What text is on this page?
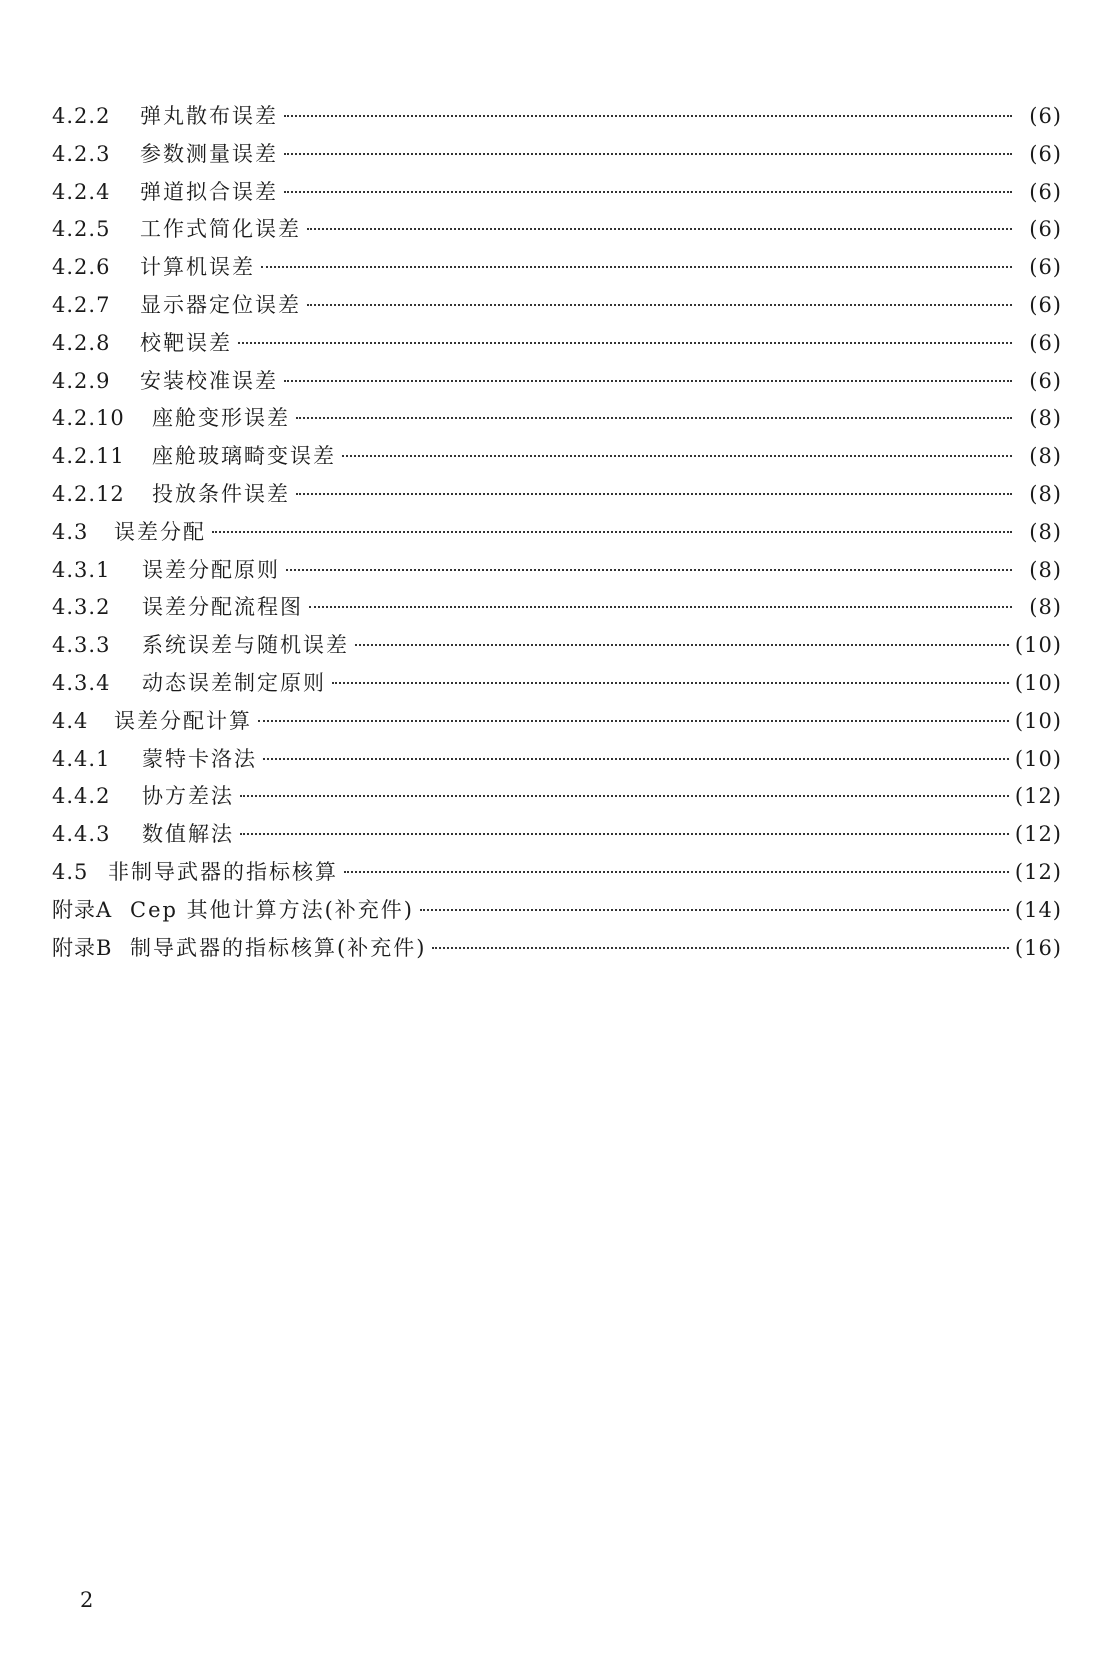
4.2.2	弹丸散布误差	(6)
4.2.3	参数测量误差	(6)
4.2.4	弹道拟合误差	(6)
4.2.5	工作式简化误差	(6)
4.2.6	计算机误差	(6)
4.2.7	显示器定位误差	(6)
4.2.8	校靶误差	(6)
4.2.9	安装校准误差	(6)
4.2.10	座舱变形误差	(8)
4.2.11	座舱玻璃畸变误差	(8)
4.2.12	投放条件误差	(8)
4.3	误差分配	(8)
4.3.1	误差分配原则	(8)
4.3.2	误差分配流程图	(8)
4.3.3	系统误差与随机误差	(10)
4.3.4	动态误差制定原则	(10)
4.4	误差分配计算	(10)
4.4.1	蒙特卡洛法	(10)
4.4.2	协方差法	(12)
4.4.3	数值解法	(12)
4.5 非制导武器的指标核算	(12)
附录A Cep 其他计算方法(补充件)	(14)
附录B 制导武器的指标核算(补充件)	(16)
2
